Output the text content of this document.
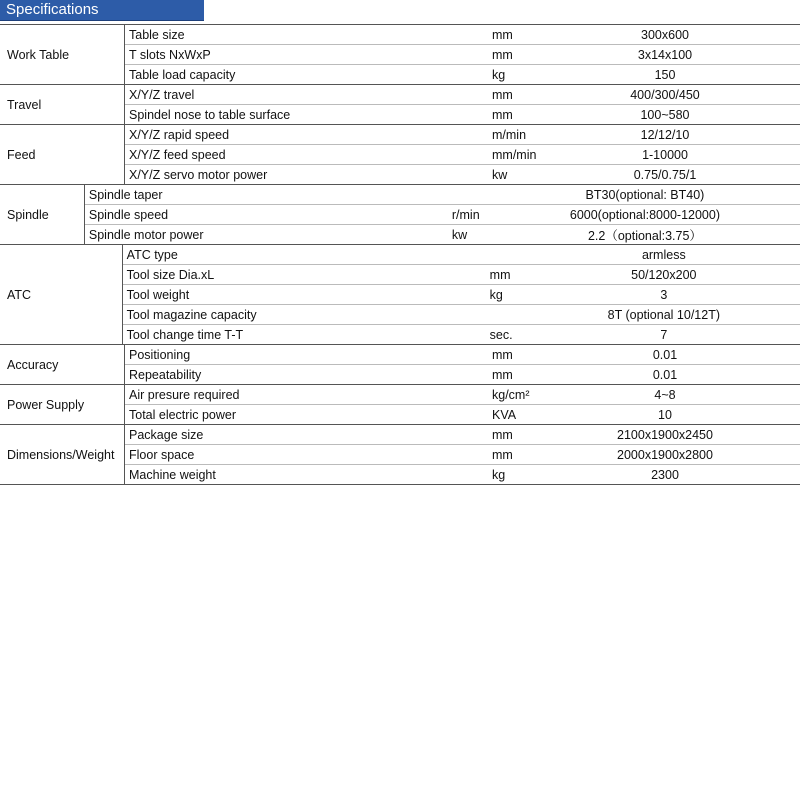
Specifications
Work Table
Table size	mm	300x600
T slots NxWxP	mm	3x14x100
Table load capacity	kg	150
Travel
X/Y/Z travel	mm	400/300/450
Spindel nose to table surface	mm	100~580
Feed
X/Y/Z rapid speed	m/min	12/12/10
X/Y/Z feed speed	mm/min	1-10000
X/Y/Z servo motor power	kw	0.75/0.75/1
Spindle
Spindle taper	BT30(optional: BT40)
Spindle speed	r/min	6000(optional:8000-12000)
Spindle motor power	kw	2.2（optional:3.75）
ATC
ATC type	armless
Tool size Dia.xL	mm	50/120x200
Tool weight	kg	3
Tool magazine capacity	8T (optional 10/12T)
Tool change time T-T	sec.	7
Accuracy
Positioning	mm	0.01
Repeatability	mm	0.01
Power Supply
Air presure required	kg/cm²	4~8
Total electric power	KVA	10
Dimensions/Weight
Package size	mm	2100x1900x2450
Floor space	mm	2000x1900x2800
Machine weight	kg	2300
